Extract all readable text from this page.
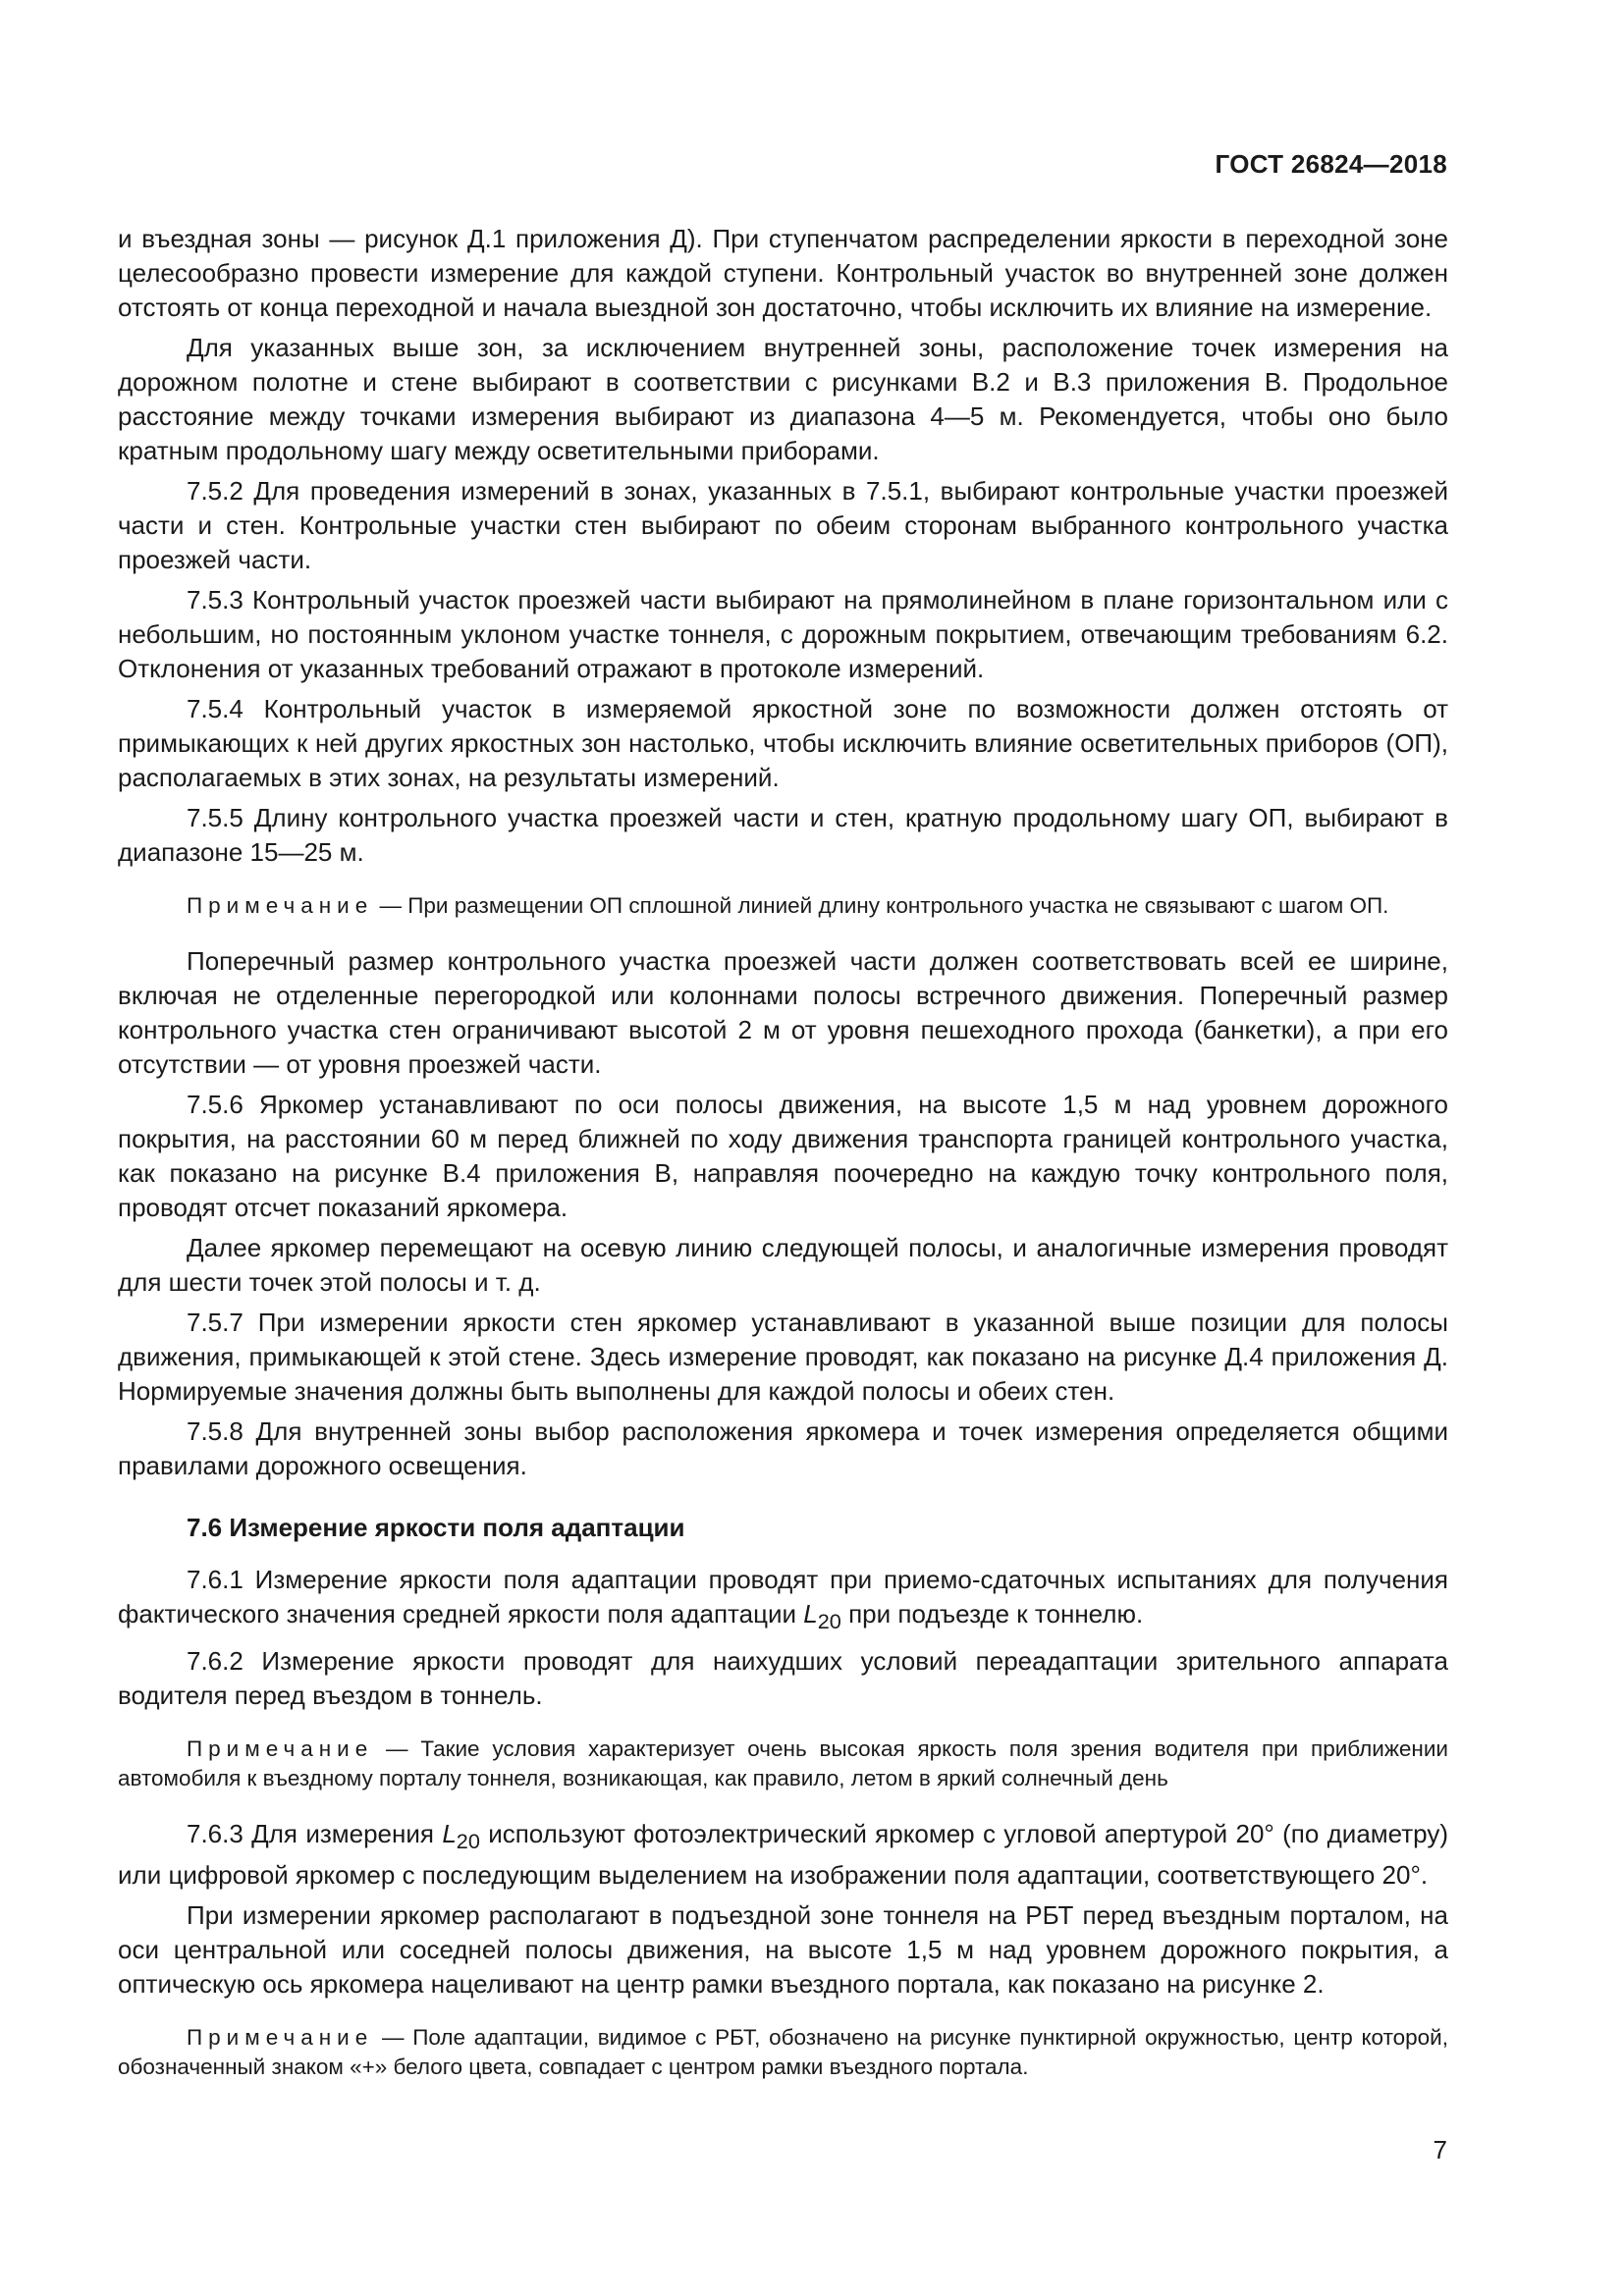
ГОСТ 26824—2018
и въездная зоны — рисунок Д.1 приложения Д). При ступенчатом распределении яркости в переходной зоне целесообразно провести измерение для каждой ступени. Контрольный участок во внутренней зоне должен отстоять от конца переходной и начала выездной зон достаточно, чтобы исключить их влияние на измерение.
Для указанных выше зон, за исключением внутренней зоны, расположение точек измерения на дорожном полотне и стене выбирают в соответствии с рисунками В.2 и В.3 приложения В. Продольное расстояние между точками измерения выбирают из диапазона 4—5 м. Рекомендуется, чтобы оно было кратным продольному шагу между осветительными приборами.
7.5.2 Для проведения измерений в зонах, указанных в 7.5.1, выбирают контрольные участки проезжей части и стен. Контрольные участки стен выбирают по обеим сторонам выбранного контрольного участка проезжей части.
7.5.3 Контрольный участок проезжей части выбирают на прямолинейном в плане горизонтальном или с небольшим, но постоянным уклоном участке тоннеля, с дорожным покрытием, отвечающим требованиям 6.2. Отклонения от указанных требований отражают в протоколе измерений.
7.5.4 Контрольный участок в измеряемой яркостной зоне по возможности должен отстоять от примыкающих к ней других яркостных зон настолько, чтобы исключить влияние осветительных приборов (ОП), располагаемых в этих зонах, на результаты измерений.
7.5.5 Длину контрольного участка проезжей части и стен, кратную продольному шагу ОП, выбирают в диапазоне 15—25 м.
Примечание — При размещении ОП сплошной линией длину контрольного участка не связывают с шагом ОП.
Поперечный размер контрольного участка проезжей части должен соответствовать всей ее ширине, включая не отделенные перегородкой или колоннами полосы встречного движения. Поперечный размер контрольного участка стен ограничивают высотой 2 м от уровня пешеходного прохода (банкетки), а при его отсутствии — от уровня проезжей части.
7.5.6 Яркомер устанавливают по оси полосы движения, на высоте 1,5 м над уровнем дорожного покрытия, на расстоянии 60 м перед ближней по ходу движения транспорта границей контрольного участка, как показано на рисунке В.4 приложения В, направляя поочередно на каждую точку контрольного поля, проводят отсчет показаний яркомера.
Далее яркомер перемещают на осевую линию следующей полосы, и аналогичные измерения проводят для шести точек этой полосы и т. д.
7.5.7 При измерении яркости стен яркомер устанавливают в указанной выше позиции для полосы движения, примыкающей к этой стене. Здесь измерение проводят, как показано на рисунке Д.4 приложения Д. Нормируемые значения должны быть выполнены для каждой полосы и обеих стен.
7.5.8 Для внутренней зоны выбор расположения яркомера и точек измерения определяется общими правилами дорожного освещения.
7.6 Измерение яркости поля адаптации
7.6.1 Измерение яркости поля адаптации проводят при приемо-сдаточных испытаниях для получения фактического значения средней яркости поля адаптации $L_{20}$ при подъезде к тоннелю.
7.6.2 Измерение яркости проводят для наихудших условий переадаптации зрительного аппарата водителя перед въездом в тоннель.
Примечание — Такие условия характеризует очень высокая яркость поля зрения водителя при приближении автомобиля к въездному порталу тоннеля, возникающая, как правило, летом в яркий солнечный день
7.6.3 Для измерения $L_{20}$ используют фотоэлектрический яркомер с угловой апертурой 20° (по диаметру) или цифровой яркомер с последующим выделением на изображении поля адаптации, соответствующего 20°.
При измерении яркомер располагают в подъездной зоне тоннеля на РБТ перед въездным порталом, на оси центральной или соседней полосы движения, на высоте 1,5 м над уровнем дорожного покрытия, а оптическую ось яркомера нацеливают на центр рамки въездного портала, как показано на рисунке 2.
Примечание — Поле адаптации, видимое с РБТ, обозначено на рисунке пунктирной окружностью, центр которой, обозначенный знаком «+» белого цвета, совпадает с центром рамки въездного портала.
7
